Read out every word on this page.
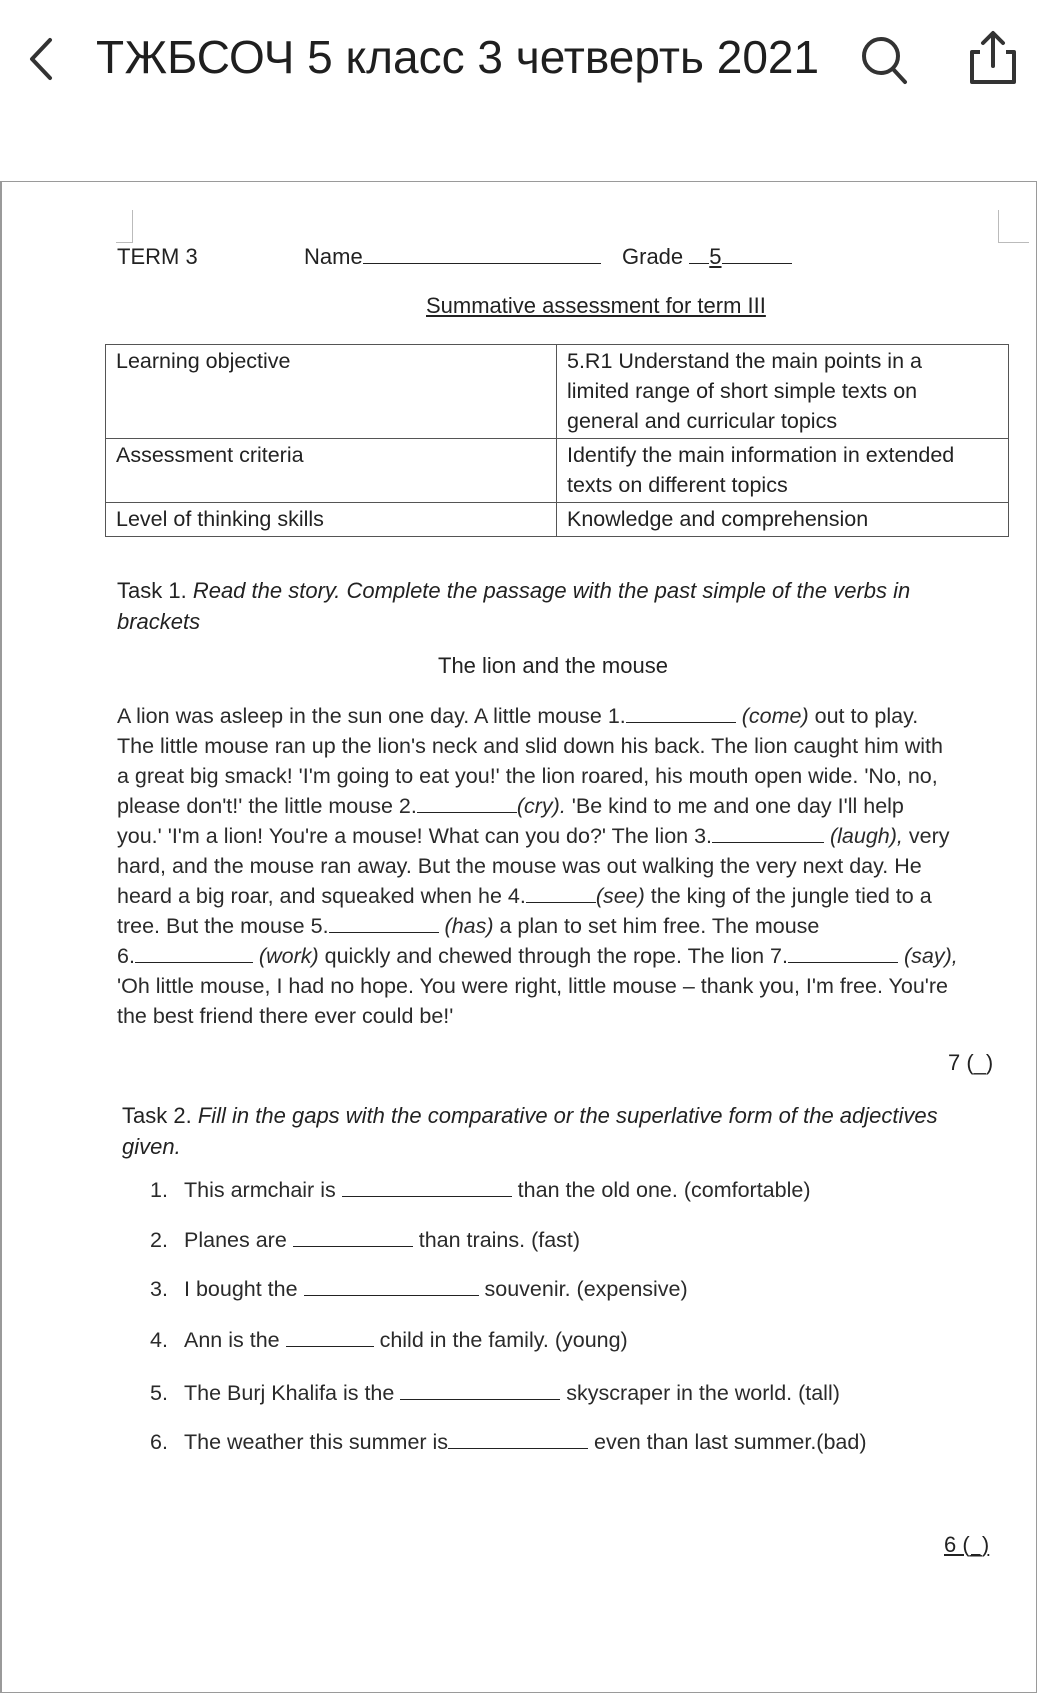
ТЖБСОЧ 5 класс 3 четверть 2021
TERM 3	Name	Grade 5
Summative assessment for term III
Learning objective	5.R1 Understand the main points in a
limited range of short simple texts on
general and curricular topics

Assessment criteria	Identify the main information in extended
texts on different topics

Level of thinking skills	Knowledge and comprehension
Task 1. Read the story. Complete the passage with the past simple of the verbs in brackets
The lion and the mouse
A lion was asleep in the sun one day. A little mouse 1.	(come) out to play.
The little mouse ran up the lion's neck and slid down his back. The lion caught him with
a great big smack! 'I'm going to eat you!' the lion roared, his mouth open wide. 'No, no,
please don't!' the little mouse 2.	(cry). 'Be kind to me and one day I'll help
you.' 'I'm a lion! You're a mouse! What can you do?' The lion 3.	(laugh), very
hard, and the mouse ran away. But the mouse was out walking the very next day. He
heard a big roar, and squeaked when he 4.	(see) the king of the jungle tied to a
tree. But the mouse 5.	(has) a plan to set him free. The mouse
6.	(work) quickly and chewed through the rope. The lion 7.	(say),
'Oh little mouse, I had no hope. You were right, little mouse – thank you, I'm free. You're
the best friend there ever could be!'
7 (_)
Task 2. Fill in the gaps with the comparative or the superlative form of the adjectives given.
1. This armchair is	than the old one. (comfortable)
2. Planes are	than trains. (fast)
3. I bought the	souvenir. (expensive)
4. Ann is the	child in the family. (young)
5. The Burj Khalifa is the	skyscraper in the world. (tall)
6. The weather this summer is	even than last summer.(bad)
6 (_)
